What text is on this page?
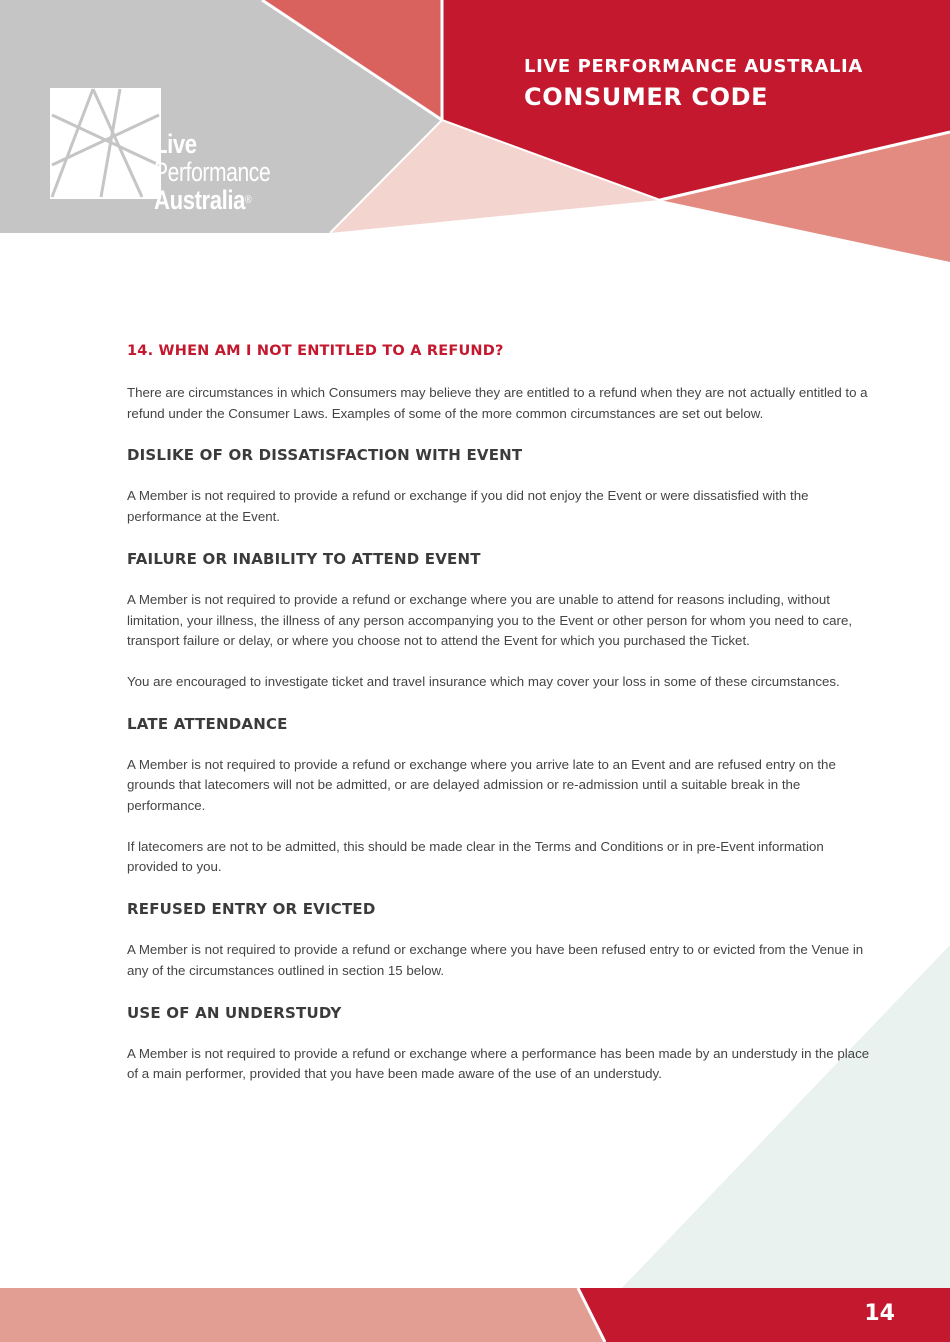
Live
Performance
Australia®
LIVE PERFORMANCE AUSTRALIA
CONSUMER CODE
14. WHEN AM I NOT ENTITLED TO A REFUND?

There are circumstances in which Consumers may believe they are entitled to a refund when they are not actually entitled to a refund under the Consumer Laws. Examples of some of the more common circumstances are set out below.

DISLIKE OF OR DISSATISFACTION WITH EVENT

A Member is not required to provide a refund or exchange if you did not enjoy the Event or were dissatisfied with the performance at the Event.

FAILURE OR INABILITY TO ATTEND EVENT

A Member is not required to provide a refund or exchange where you are unable to attend for reasons including, without limitation, your illness, the illness of any person accompanying you to the Event or other person for whom you need to care, transport failure or delay, or where you choose not to attend the Event for which you purchased the Ticket.

You are encouraged to investigate ticket and travel insurance which may cover your loss in some of these circumstances.

LATE ATTENDANCE

A Member is not required to provide a refund or exchange where you arrive late to an Event and are refused entry on the grounds that latecomers will not be admitted, or are delayed admission or re-admission until a suitable break in the performance.

If latecomers are not to be admitted, this should be made clear in the Terms and Conditions or in pre-Event information provided to you.

REFUSED ENTRY OR EVICTED

A Member is not required to provide a refund or exchange where you have been refused entry to or evicted from the Venue in any of the circumstances outlined in section 15 below.

USE OF AN UNDERSTUDY

A Member is not required to provide a refund or exchange where a performance has been made by an understudy in the place of a main performer, provided that you have been made aware of the use of an understudy.

14
